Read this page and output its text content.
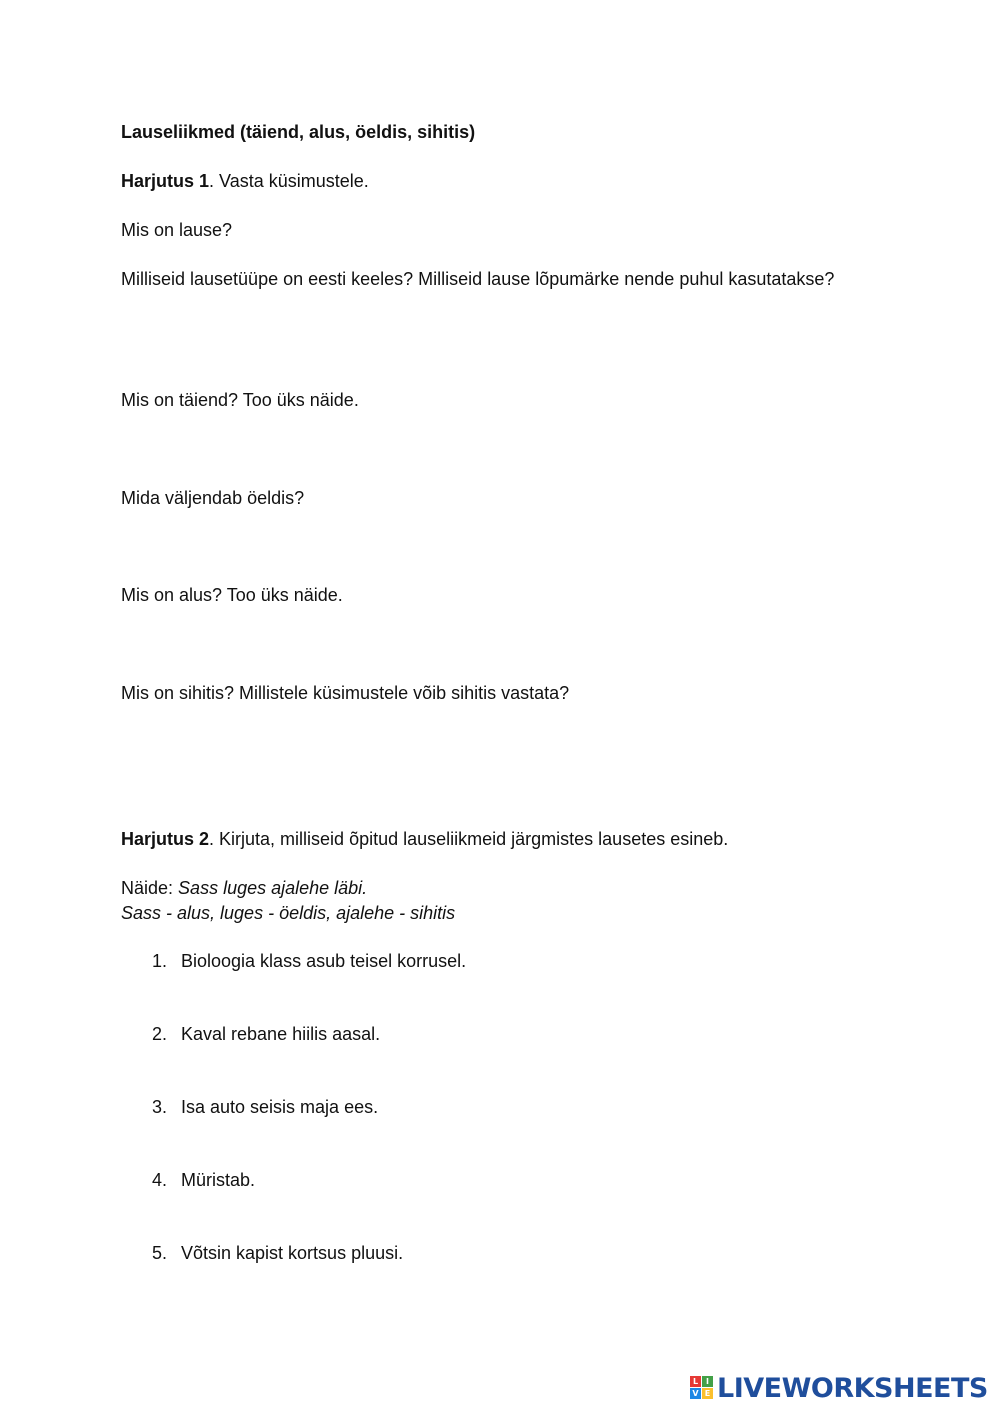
Lauseliikmed (täiend, alus, öeldis, sihitis)
Harjutus 1. Vasta küsimustele.
Mis on lause?
Milliseid lausetüüpe on eesti keeles? Milliseid lause lõpumärke nende puhul kasutatakse?
Mis on täiend? Too üks näide.
Mida väljendab öeldis?
Mis on alus? Too üks näide.
Mis on sihitis? Millistele küsimustele võib sihitis vastata?
Harjutus 2. Kirjuta, milliseid õpitud lauseliikmeid järgmistes lausetes esineb.
Näide: Sass luges ajalehe läbi.
Sass - alus, luges - öeldis, ajalehe - sihitis
1. Bioloogia klass asub teisel korrusel.
2. Kaval rebane hiilis aasal.
3. Isa auto seisis maja ees.
4. Müristab.
5. Võtsin kapist kortsus pluusi.
L I
V E LIVEWORKSHEETS
